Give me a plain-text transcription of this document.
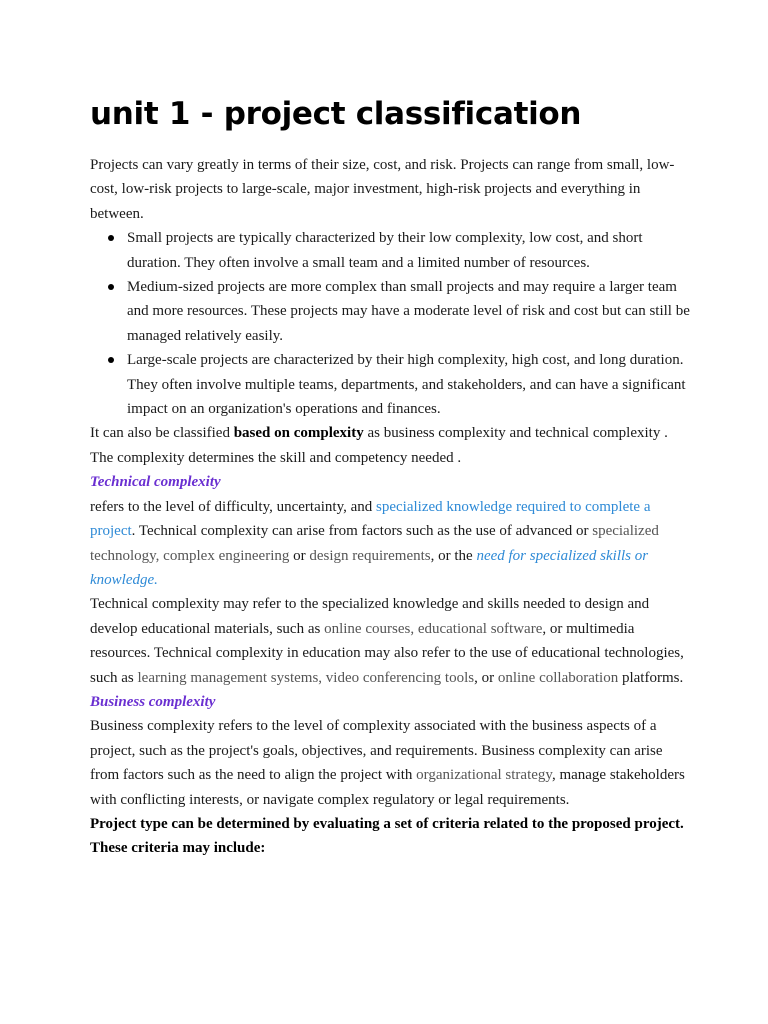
unit 1 - project classification

Projects can vary greatly in terms of their size, cost, and risk. Projects can range from small, low-cost, low-risk projects to large-scale, major investment, high-risk projects and everything in between.

Small projects are typically characterized by their low complexity, low cost, and short duration. They often involve a small team and a limited number of resources.
Medium-sized projects are more complex than small projects and may require a larger team and more resources. These projects may have a moderate level of risk and cost but can still be managed relatively easily.
Large-scale projects are characterized by their high complexity, high cost, and long duration. They often involve multiple teams, departments, and stakeholders, and can have a significant impact on an organization's operations and finances.

It can also be classified based on complexity as business complexity and technical complexity . The complexity determines the skill and competency needed .

Technical complexity

refers to the level of difficulty, uncertainty, and specialized knowledge required to complete a project. Technical complexity can arise from factors such as the use of advanced or specialized technology, complex engineering or design requirements, or the need for specialized skills or knowledge.

Technical complexity may refer to the specialized knowledge and skills needed to design and develop educational materials, such as online courses, educational software, or multimedia resources. Technical complexity in education may also refer to the use of educational technologies, such as learning management systems, video conferencing tools, or online collaboration platforms.

Business complexity

Business complexity refers to the level of complexity associated with the business aspects of a project, such as the project's goals, objectives, and requirements. Business complexity can arise from factors such as the need to align the project with organizational strategy, manage stakeholders with conflicting interests, or navigate complex regulatory or legal requirements.

Project type can be determined by evaluating a set of criteria related to the proposed project. These criteria may include:
